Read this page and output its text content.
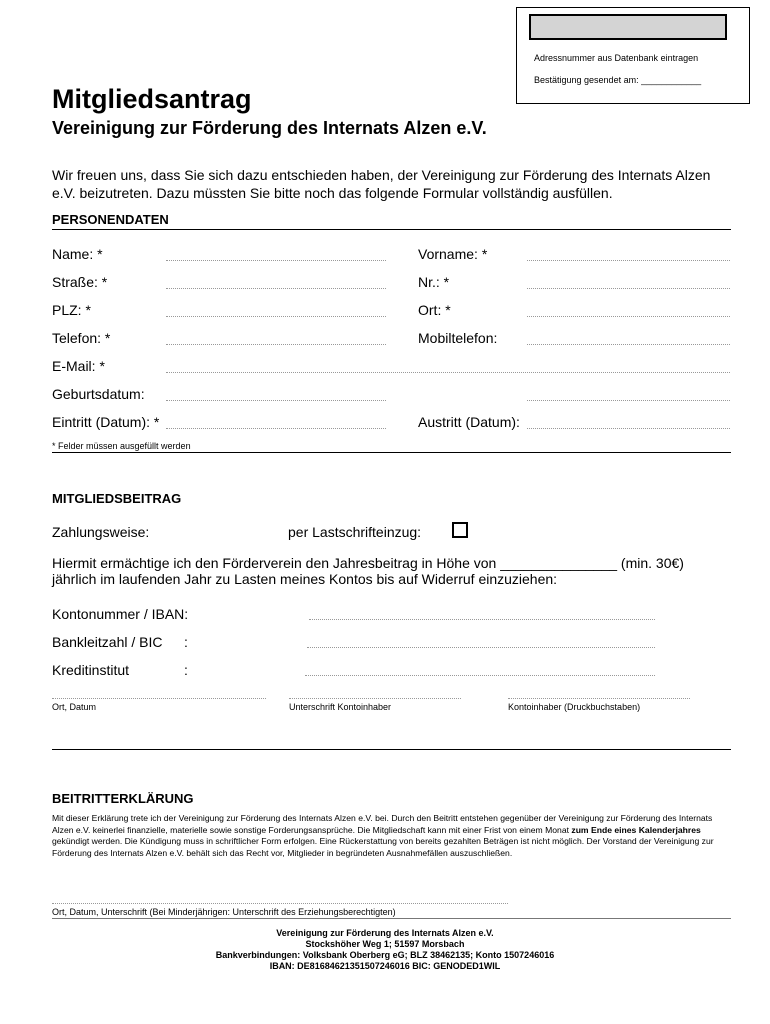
Adressnummer aus Datenbank eintragen
Bestätigung gesendet am: ____________
Mitgliedsantrag
Vereinigung zur Förderung des Internats Alzen e.V.
Wir freuen uns, dass Sie sich dazu entschieden haben, der Vereinigung zur Förderung des Internats Alzen e.V. beizutreten. Dazu müssten Sie bitte noch das folgende Formular vollständig ausfüllen.
PERSONENDATEN
Name: *	Vorname: *
Straße: *	Nr.: *
PLZ: *	Ort: *
Telefon: *	Mobiltelefon:
E-Mail: *
Geburtsdatum:
Eintritt (Datum): *	Austritt (Datum):
* Felder müssen ausgefüllt werden
MITGLIEDSBEITRAG
Zahlungsweise:	per Lastschrifteinzug:
Hiermit ermächtige ich den Förderverein den Jahresbeitrag in Höhe von _______________ (min. 30€)
jährlich im laufenden Jahr zu Lasten meines Kontos bis auf Widerruf einzuziehen:
Kontonummer / IBAN:
Bankleitzahl / BIC :
Kreditinstitut	:
Ort, Datum	Unterschrift Kontoinhaber	Kontoinhaber (Druckbuchstaben)
BEITRITTERKLÄRUNG
Mit dieser Erklärung trete ich der Vereinigung zur Förderung des Internats Alzen e.V. bei. Durch den Beitritt entstehen gegenüber der Vereinigung zur Förderung des Internats Alzen e.V. keinerlei finanzielle, materielle sowie sonstige Forderungsansprüche. Die Mitgliedschaft kann mit einer Frist von einem Monat zum Ende eines Kalenderjahres gekündigt werden. Die Kündigung muss in schriftlicher Form erfolgen. Eine Rückerstattung von bereits gezahlten Beträgen ist nicht möglich. Der Vorstand der Vereinigung zur Förderung des Internats Alzen e.V. behält sich das Recht vor, Mitglieder in begründeten Ausnahmefällen auszuschließen.
Ort, Datum, Unterschrift (Bei Minderjährigen: Unterschrift des Erziehungsberechtigten)
Vereinigung zur Förderung des Internats Alzen e.V.
Stockshöher Weg 1; 51597 Morsbach
Bankverbindungen: Volksbank Oberberg eG; BLZ 38462135; Konto 1507246016
IBAN: DE81684621351507246016 BIC: GENODED1WIL
